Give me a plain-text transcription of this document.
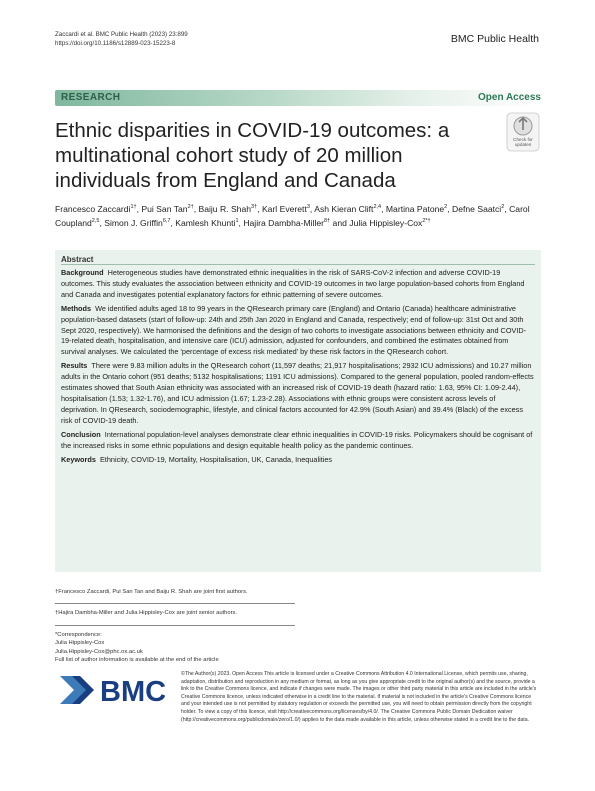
Zaccardi et al. BMC Public Health (2023) 23:899
https://doi.org/10.1186/s12889-023-15223-8	BMC Public Health
RESEARCH	Open Access
Check for
updates
Ethnic disparities in COVID-19 outcomes: a multinational cohort study of 20 million individuals from England and Canada
Francesco Zaccardi$^{1\dagger}$, Pui San Tan$^{2\dagger}$, Baiju R. Shah$^{3\dagger}$, Karl Everett$^3$, Ash Kieran Clift$^{2,4}$, Martina Patone$^2$, Defne Saatci$^2$, Carol Coupland$^{2,5}$, Simon J. Griffin$^{6,7}$, Kamlesh Khunti$^1$, Hajira Dambha-Miller$^{8\dagger}$ and Julia Hippisley-Cox$^{2*\dagger}$
Abstract

Background Heterogeneous studies have demonstrated ethnic inequalities in the risk of SARS-CoV-2 infection and adverse COVID-19 outcomes. This study evaluates the association between ethnicity and COVID-19 outcomes in two large population-based cohorts from England and Canada and investigates potential explanatory factors for ethnic patterning of severe outcomes.

Methods We identified adults aged 18 to 99 years in the QResearch primary care (England) and Ontario (Canada) healthcare administrative population-based datasets (start of follow-up: 24th and 25th Jan 2020 in England and Canada, respectively; end of follow-up: 31st Oct and 30th Sept 2020, respectively). We harmonised the definitions and the design of two cohorts to investigate associations between ethnicity and COVID-19-related death, hospitalisation, and intensive care (ICU) admission, adjusted for confounders, and combined the estimates obtained from survival analyses. We calculated the 'percentage of excess risk mediated' by these risk factors in the QResearch cohort.

Results There were 9.83 million adults in the QResearch cohort (11,597 deaths; 21,917 hospitalisations; 2932 ICU admissions) and 10.27 million adults in the Ontario cohort (951 deaths; 5132 hospitalisations; 1191 ICU admissions). Compared to the general population, pooled random-effects estimates showed that South Asian ethnicity was associated with an increased risk of COVID-19 death (hazard ratio: 1.63, 95% CI: 1.09-2.44), hospitalisation (1.53; 1.32-1.76), and ICU admission (1.67; 1.23-2.28). Associations with ethnic groups were consistent across levels of deprivation. In QResearch, sociodemographic, lifestyle, and clinical factors accounted for 42.9% (South Asian) and 39.4% (Black) of the excess risk of COVID-19 death.

Conclusion International population-level analyses demonstrate clear ethnic inequalities in COVID-19 risks. Policymakers should be cognisant of the increased risks in some ethnic populations and design equitable health policy as the pandemic continues.

Keywords Ethnicity, COVID-19, Mortality, Hospitalisation, UK, Canada, Inequalities

†Francesco Zaccardi, Pui San Tan and Baiju R. Shah are joint first authors.
†Hajira Dambha-Miller and Julia Hippisley-Cox are joint senior authors.
*Correspondence:
Julia Hippisley-Cox
Julia.Hippisley-Cox@phc.ox.ac.uk
Full list of author information is available at the end of the article
BMC
©The Author(s) 2023. Open Access This article is licensed under a Creative Commons Attribution 4.0 International License, which permits use, sharing, adaptation, distribution and reproduction in any medium or format, as long as you give appropriate credit to the original author(s) and the source, provide a link to the Creative Commons licence, and indicate if changes were made. The images or other third party material in this article are included in the article's Creative Commons licence, unless indicated otherwise in a credit line to the material. If material is not included in the article's Creative Commons licence and your intended use is not permitted by statutory regulation or exceeds the permitted use, you will need to obtain permission directly from the copyright holder. To view a copy of this licence, visit http://creativecommons.org/licenses/by/4.0/. The Creative Commons Public Domain Dedication waiver (http://creativecommons.org/publicdomain/zero/1.0/) applies to the data made available in this article, unless otherwise stated in a credit line to the data.
